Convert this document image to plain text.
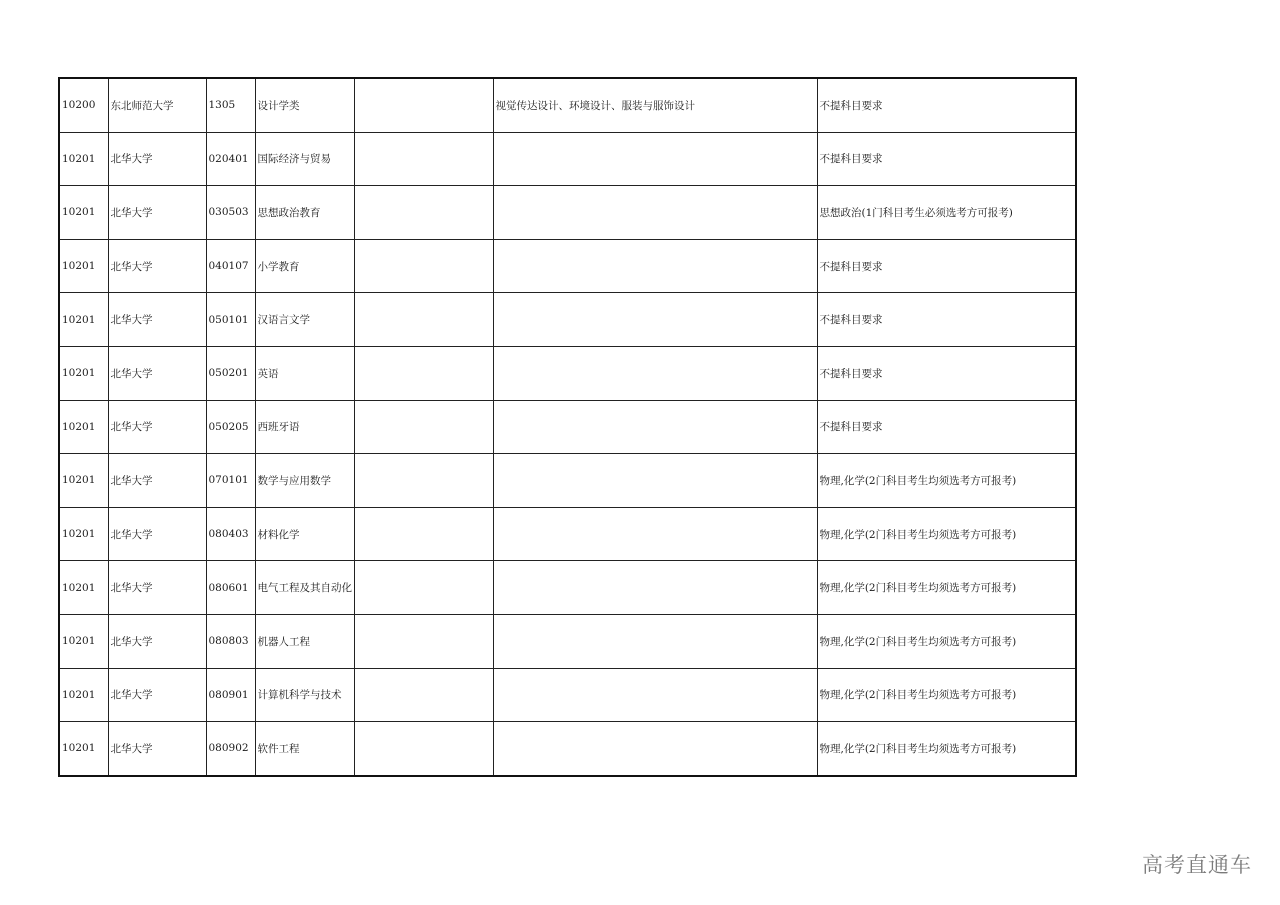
10200	东北师范大学	1305	设计学类		视觉传达设计、环境设计、服装与服饰设计	不提科目要求
10201	北华大学	020401	国际经济与贸易			不提科目要求
10201	北华大学	030503	思想政治教育			思想政治(1门科目考生必须选考方可报考)
10201	北华大学	040107	小学教育			不提科目要求
10201	北华大学	050101	汉语言文学			不提科目要求
10201	北华大学	050201	英语			不提科目要求
10201	北华大学	050205	西班牙语			不提科目要求
10201	北华大学	070101	数学与应用数学			物理,化学(2门科目考生均须选考方可报考)
10201	北华大学	080403	材料化学			物理,化学(2门科目考生均须选考方可报考)
10201	北华大学	080601	电气工程及其自动化			物理,化学(2门科目考生均须选考方可报考)
10201	北华大学	080803	机器人工程			物理,化学(2门科目考生均须选考方可报考)
10201	北华大学	080901	计算机科学与技术			物理,化学(2门科目考生均须选考方可报考)
10201	北华大学	080902	软件工程			物理,化学(2门科目考生均须选考方可报考)
高考直通车
